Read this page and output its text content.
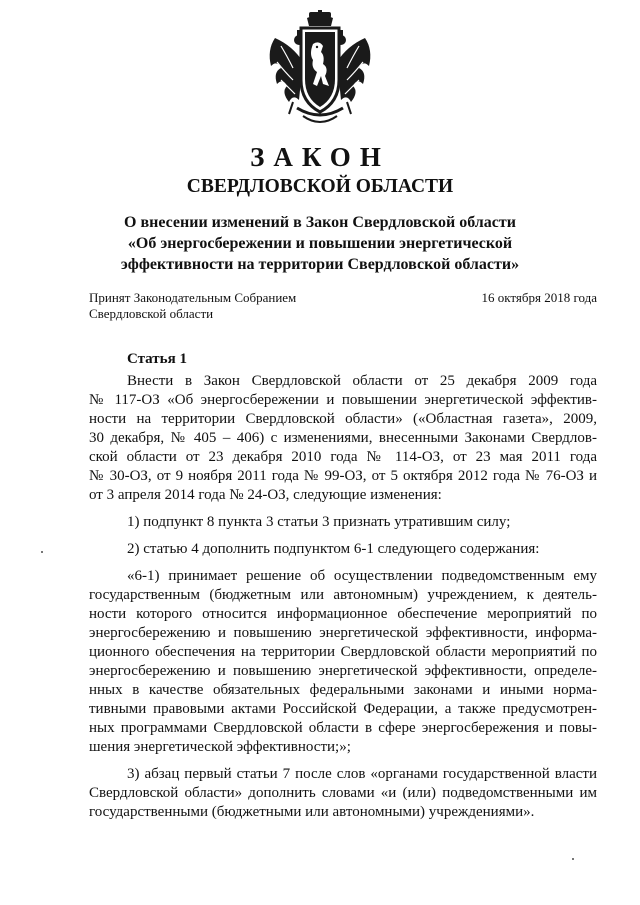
ЗАКОН
СВЕРДЛОВСКОЙ ОБЛАСТИ
О внесении изменений в Закон Свердловской области
«Об энергосбережении и повышении энергетической
эффективности на территории Свердловской области»
Принят Законодательным Собранием
Свердловской области
16 октября 2018 года
Статья 1
Внести в Закон Свердловской области от 25 декабря 2009 года
№ 117-ОЗ «Об энергосбережении и повышении энергетической эффектив-
ности на территории Свердловской области» («Областная газета», 2009,
30 декабря, № 405 – 406) с изменениями, внесенными Законами Свердлов-
ской области от 23 декабря 2010 года № 114-ОЗ, от 23 мая 2011 года
№ 30-ОЗ, от 9 ноября 2011 года № 99-ОЗ, от 5 октября 2012 года № 76-ОЗ и
от 3 апреля 2014 года № 24-ОЗ, следующие изменения:
1) подпункт 8 пункта 3 статьи 3 признать утратившим силу;
2) статью 4 дополнить подпунктом 6-1 следующего содержания:
«6-1) принимает решение об осуществлении подведомственным ему
государственным (бюджетным или автономным) учреждением, к деятель-
ности которого относится информационное обеспечение мероприятий по
энергосбережению и повышению энергетической эффективности, информа-
ционного обеспечения на территории Свердловской области мероприятий по
энергосбережению и повышению энергетической эффективности, определе-
нных в качестве обязательных федеральными законами и иными норма-
тивными правовыми актами Российской Федерации, а также предусмотрен-
ных программами Свердловской области в сфере энергосбережения и повы-
шения энергетической эффективности;»;
3) абзац первый статьи 7 после слов «органами государственной власти
Свердловской области» дополнить словами «и (или) подведомственными им
государственными (бюджетными или автономными) учреждениями».
